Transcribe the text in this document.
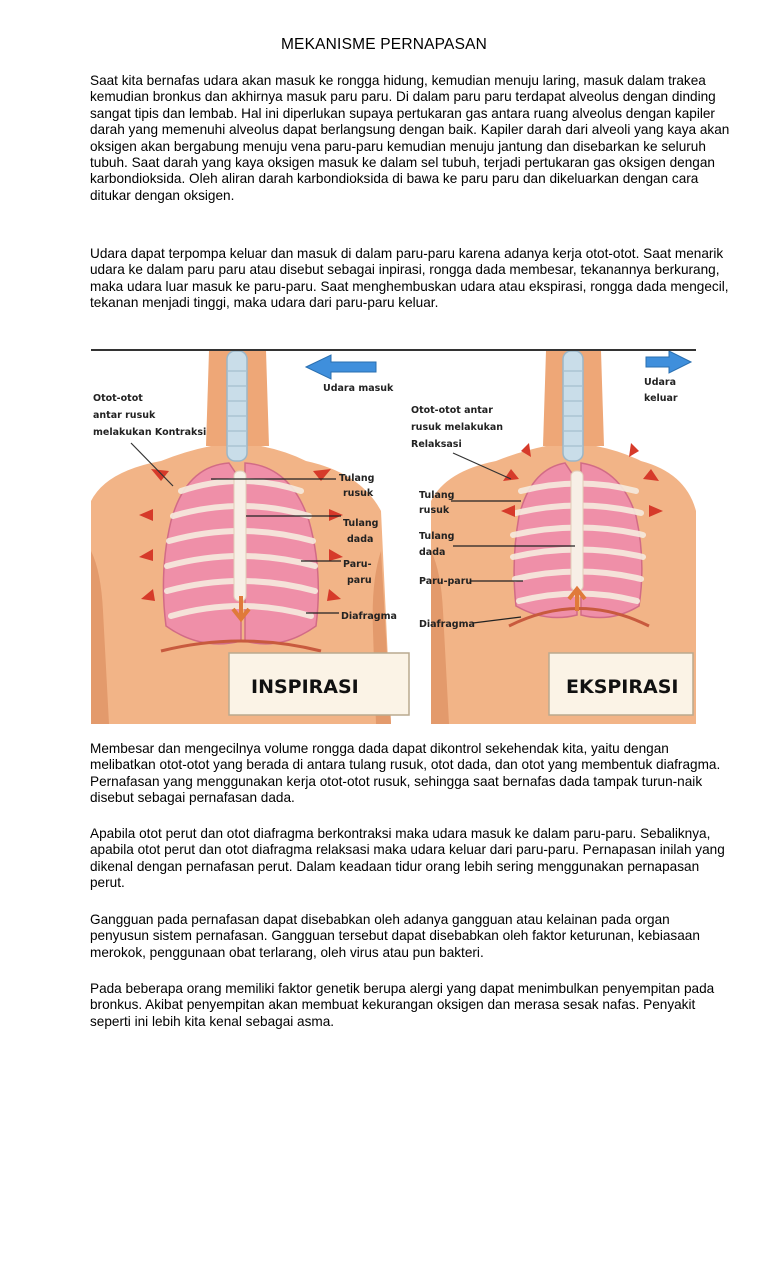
MEKANISME PERNAPASAN

Saat kita bernafas udara akan masuk ke rongga hidung, kemudian menuju laring, masuk dalam trakea kemudian bronkus dan akhirnya masuk paru paru. Di dalam paru paru terdapat alveolus dengan dinding sangat tipis dan lembab. Hal ini diperlukan supaya pertukaran gas antara ruang alveolus dengan kapiler darah yang memenuhi alveolus dapat berlangsung dengan baik. Kapiler darah dari alveoli yang kaya akan oksigen akan bergabung menuju vena paru-paru kemudian menuju jantung dan disebarkan ke seluruh tubuh. Saat darah yang kaya oksigen masuk ke dalam sel tubuh, terjadi pertukaran gas oksigen dengan karbondioksida. Oleh aliran darah karbondioksida di bawa ke paru paru dan dikeluarkan dengan cara ditukar dengan oksigen.

Udara dapat terpompa keluar dan masuk di dalam paru-paru karena adanya kerja otot-otot. Saat menarik udara ke dalam paru paru atau disebut sebagai inpirasi, rongga dada membesar, tekanannya berkurang, maka udara luar masuk ke paru-paru. Saat menghembuskan udara atau ekspirasi, rongga dada mengecil, tekanan menjadi tinggi, maka udara dari paru-paru keluar.

Udara masuk
Otot-otot
antar rusuk
melakukan Kontraksi
Tulang
rusuk
Tulang
dada
Paru-
paru
Diafragma
INSPIRASI
Udara
keluar
Otot-otot antar
rusuk melakukan
Relaksasi
Tulang
rusuk
Tulang
dada
Paru-paru
Diafragma
EKSPIRASI

Membesar dan mengecilnya volume rongga dada dapat dikontrol sekehendak kita, yaitu dengan melibatkan otot-otot yang berada di antara tulang rusuk, otot dada, dan otot yang membentuk diafragma. Pernafasan yang menggunakan kerja otot-otot rusuk, sehingga saat bernafas dada tampak turun-naik disebut sebagai pernafasan dada.

Apabila otot perut dan otot diafragma berkontraksi maka udara masuk ke dalam paru-paru. Sebaliknya, apabila otot perut dan otot diafragma relaksasi maka udara keluar dari paru-paru. Pernapasan inilah yang dikenal dengan pernafasan perut. Dalam keadaan tidur orang lebih sering menggunakan pernapasan perut.

Gangguan pada pernafasan dapat disebabkan oleh adanya gangguan atau kelainan pada organ penyusun sistem pernafasan. Gangguan tersebut dapat disebabkan oleh faktor keturunan, kebiasaan merokok, penggunaan obat terlarang, oleh virus atau pun bakteri.

Pada beberapa orang memiliki faktor genetik berupa alergi yang dapat menimbulkan penyempitan pada bronkus. Akibat penyempitan akan membuat kekurangan oksigen dan merasa sesak nafas. Penyakit seperti ini lebih kita kenal sebagai asma.
